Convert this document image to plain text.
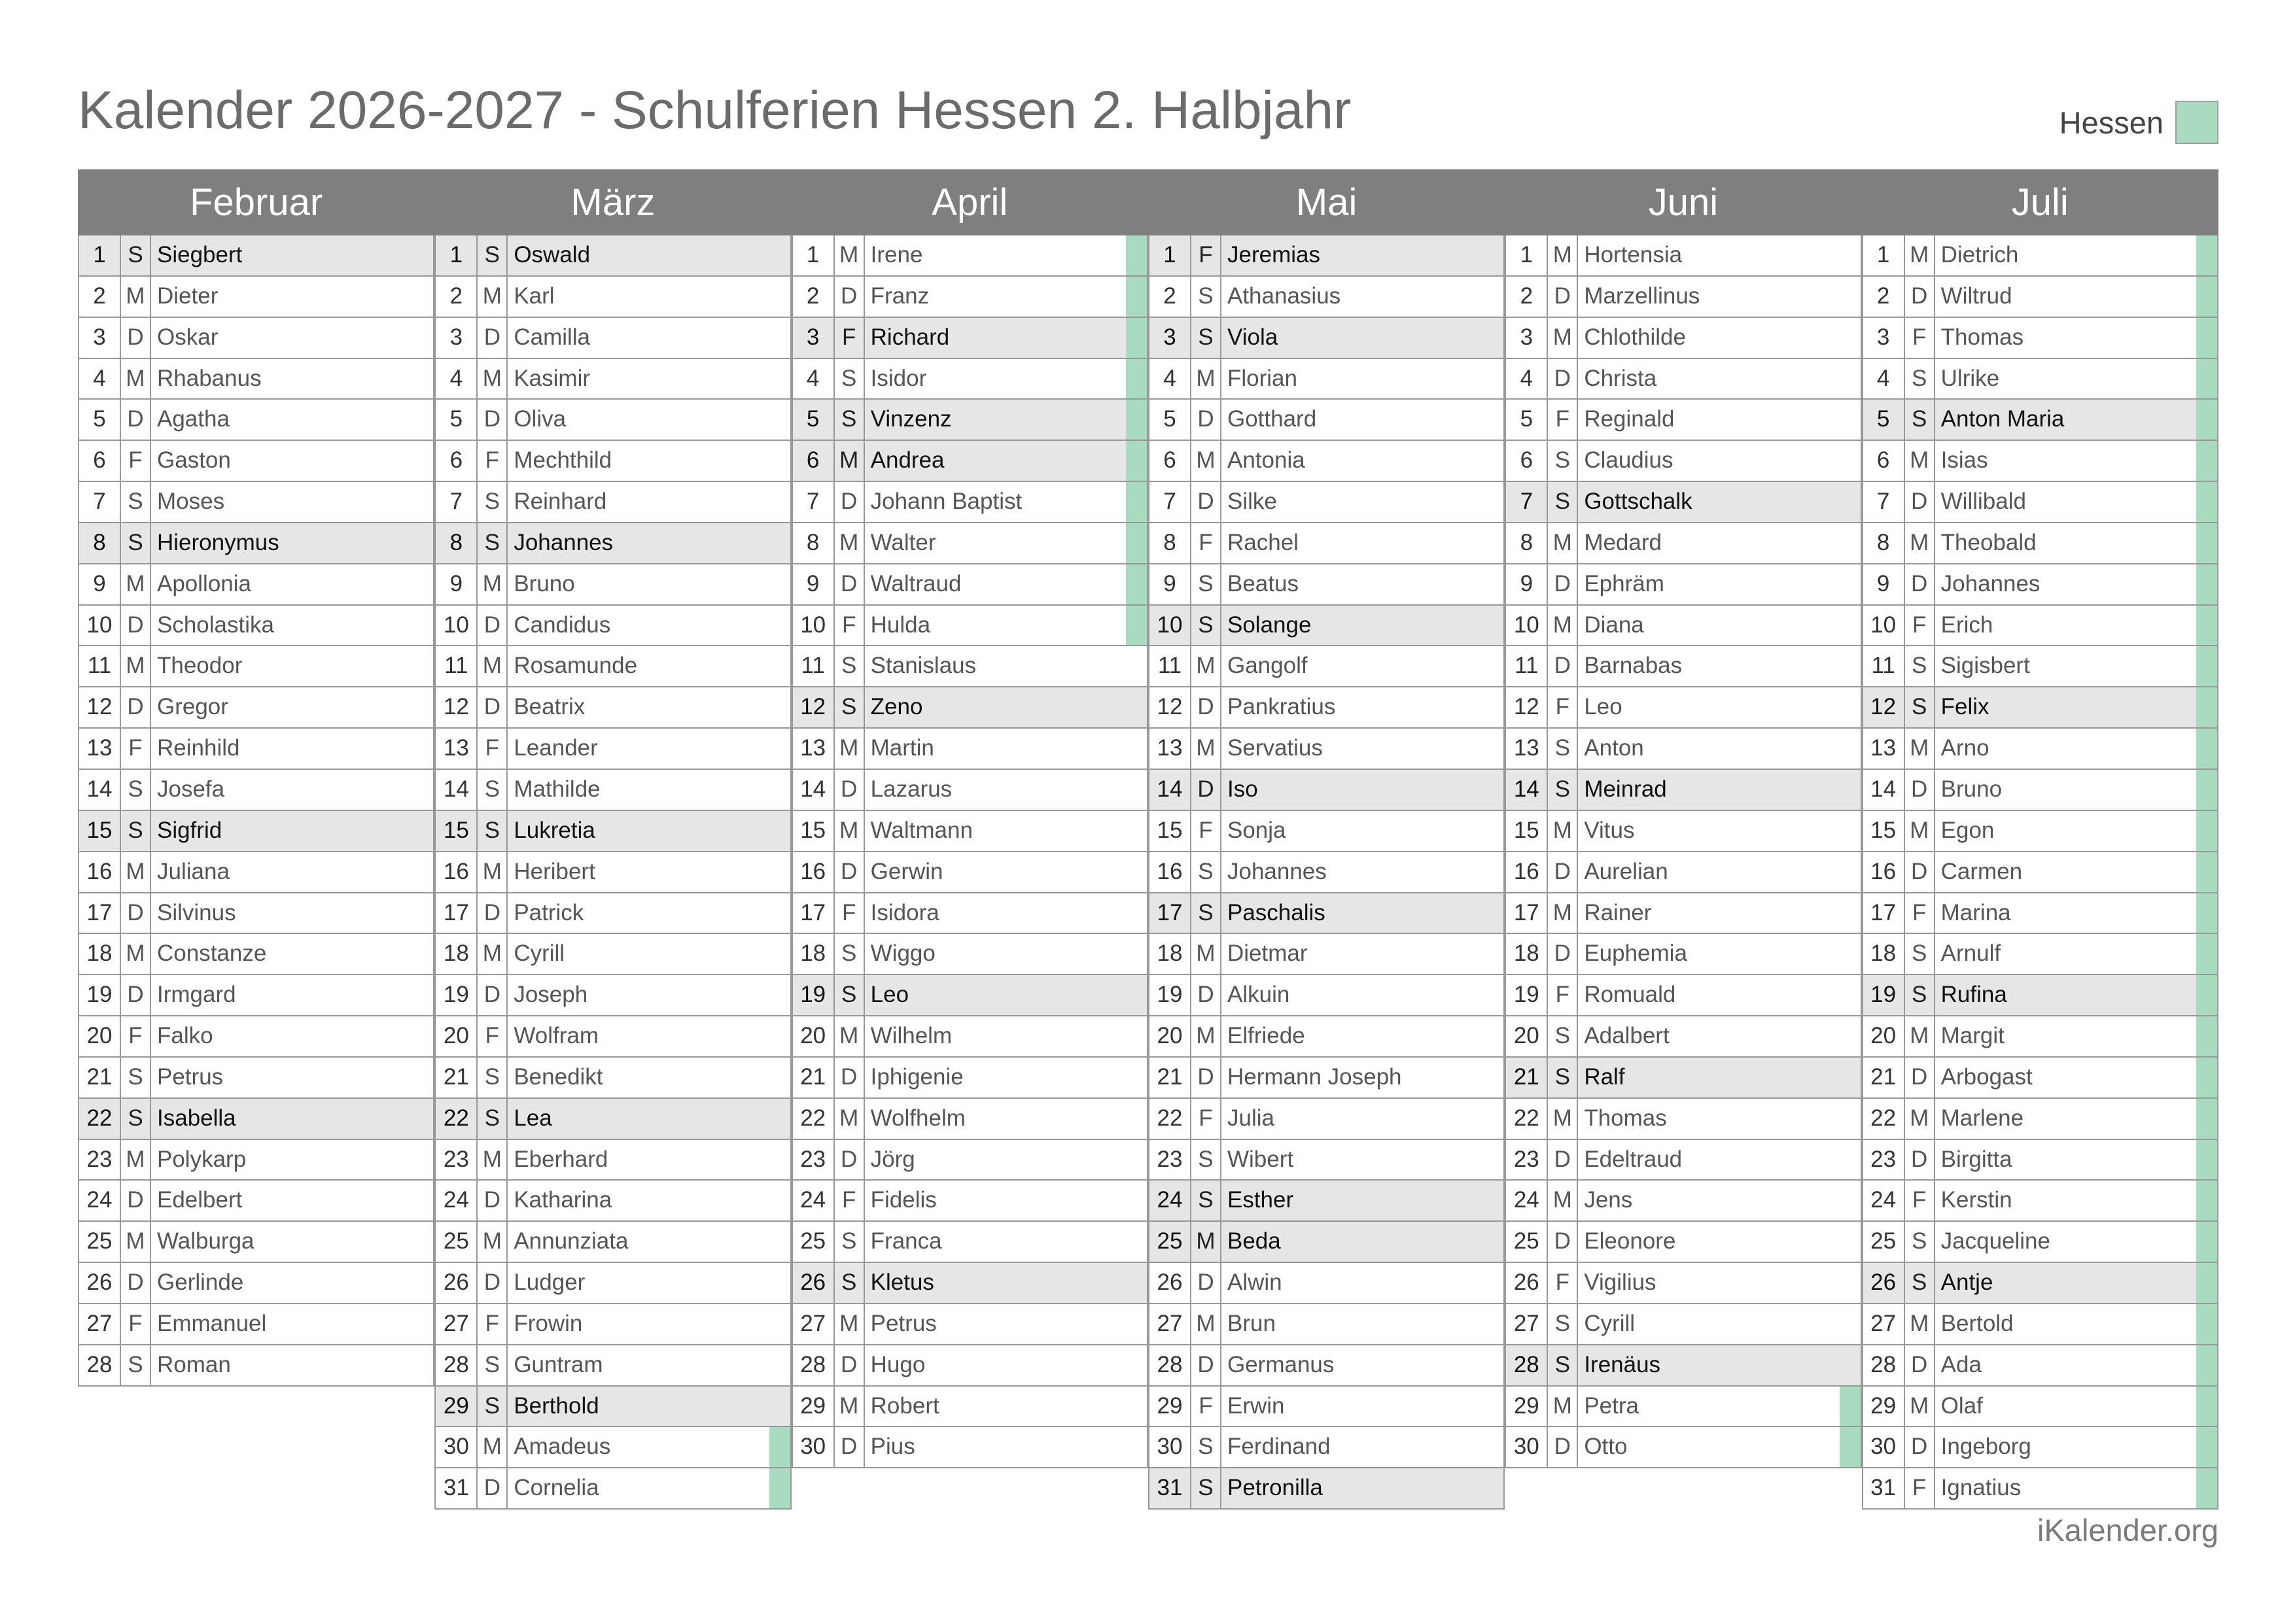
Kalender 2026-2027 - Schulferien Hessen 2. Halbjahr	Hessen
Februar	März	April	Mai	Juni	Juli
1 S Siegbert
2 M Dieter
3 D Oskar
4 M Rhabanus
5 D Agatha
6 F Gaston
7 S Moses
8 S Hieronymus
9 M Apollonia
10 D Scholastika
11 M Theodor
12 D Gregor
13 F Reinhild
14 S Josefa
15 S Sigfrid
16 M Juliana
17 D Silvinus
18 M Constanze
19 D Irmgard
20 F Falko
21 S Petrus
22 S Isabella
23 M Polykarp
24 D Edelbert
25 M Walburga
26 D Gerlinde
27 F Emmanuel
28 S Roman
1 S Oswald
2 M Karl
3 D Camilla
4 M Kasimir
5 D Oliva
6 F Mechthild
7 S Reinhard
8 S Johannes
9 M Bruno
10 D Candidus
11 M Rosamunde
12 D Beatrix
13 F Leander
14 S Mathilde
15 S Lukretia
16 M Heribert
17 D Patrick
18 M Cyrill
19 D Joseph
20 F Wolfram
21 S Benedikt
22 S Lea
23 M Eberhard
24 D Katharina
25 M Annunziata
26 D Ludger
27 F Frowin
28 S Guntram
29 S Berthold
30 M Amadeus
31 D Cornelia
1 M Irene
2 D Franz
3 F Richard
4 S Isidor
5 S Vinzenz
6 M Andrea
7 D Johann Baptist
8 M Walter
9 D Waltraud
10 F Hulda
11 S Stanislaus
12 S Zeno
13 M Martin
14 D Lazarus
15 M Waltmann
16 D Gerwin
17 F Isidora
18 S Wiggo
19 S Leo
20 M Wilhelm
21 D Iphigenie
22 M Wolfhelm
23 D Jörg
24 F Fidelis
25 S Franca
26 S Kletus
27 M Petrus
28 D Hugo
29 M Robert
30 D Pius
1 F Jeremias
2 S Athanasius
3 S Viola
4 M Florian
5 D Gotthard
6 M Antonia
7 D Silke
8 F Rachel
9 S Beatus
10 S Solange
11 M Gangolf
12 D Pankratius
13 M Servatius
14 D Iso
15 F Sonja
16 S Johannes
17 S Paschalis
18 M Dietmar
19 D Alkuin
20 M Elfriede
21 D Hermann Joseph
22 F Julia
23 S Wibert
24 S Esther
25 M Beda
26 D Alwin
27 M Brun
28 D Germanus
29 F Erwin
30 S Ferdinand
31 S Petronilla
1 M Hortensia
2 D Marzellinus
3 M Chlothilde
4 D Christa
5 F Reginald
6 S Claudius
7 S Gottschalk
8 M Medard
9 D Ephräm
10 M Diana
11 D Barnabas
12 F Leo
13 S Anton
14 S Meinrad
15 M Vitus
16 D Aurelian
17 M Rainer
18 D Euphemia
19 F Romuald
20 S Adalbert
21 S Ralf
22 M Thomas
23 D Edeltraud
24 M Jens
25 D Eleonore
26 F Vigilius
27 S Cyrill
28 S Irenäus
29 M Petra
30 D Otto
1 M Dietrich
2 D Wiltrud
3 F Thomas
4 S Ulrike
5 S Anton Maria
6 M Isias
7 D Willibald
8 M Theobald
9 D Johannes
10 F Erich
11 S Sigisbert
12 S Felix
13 M Arno
14 D Bruno
15 M Egon
16 D Carmen
17 F Marina
18 S Arnulf
19 S Rufina
20 M Margit
21 D Arbogast
22 M Marlene
23 D Birgitta
24 F Kerstin
25 S Jacqueline
26 S Antje
27 M Bertold
28 D Ada
29 M Olaf
30 D Ingeborg
31 F Ignatius
iKalender.org
